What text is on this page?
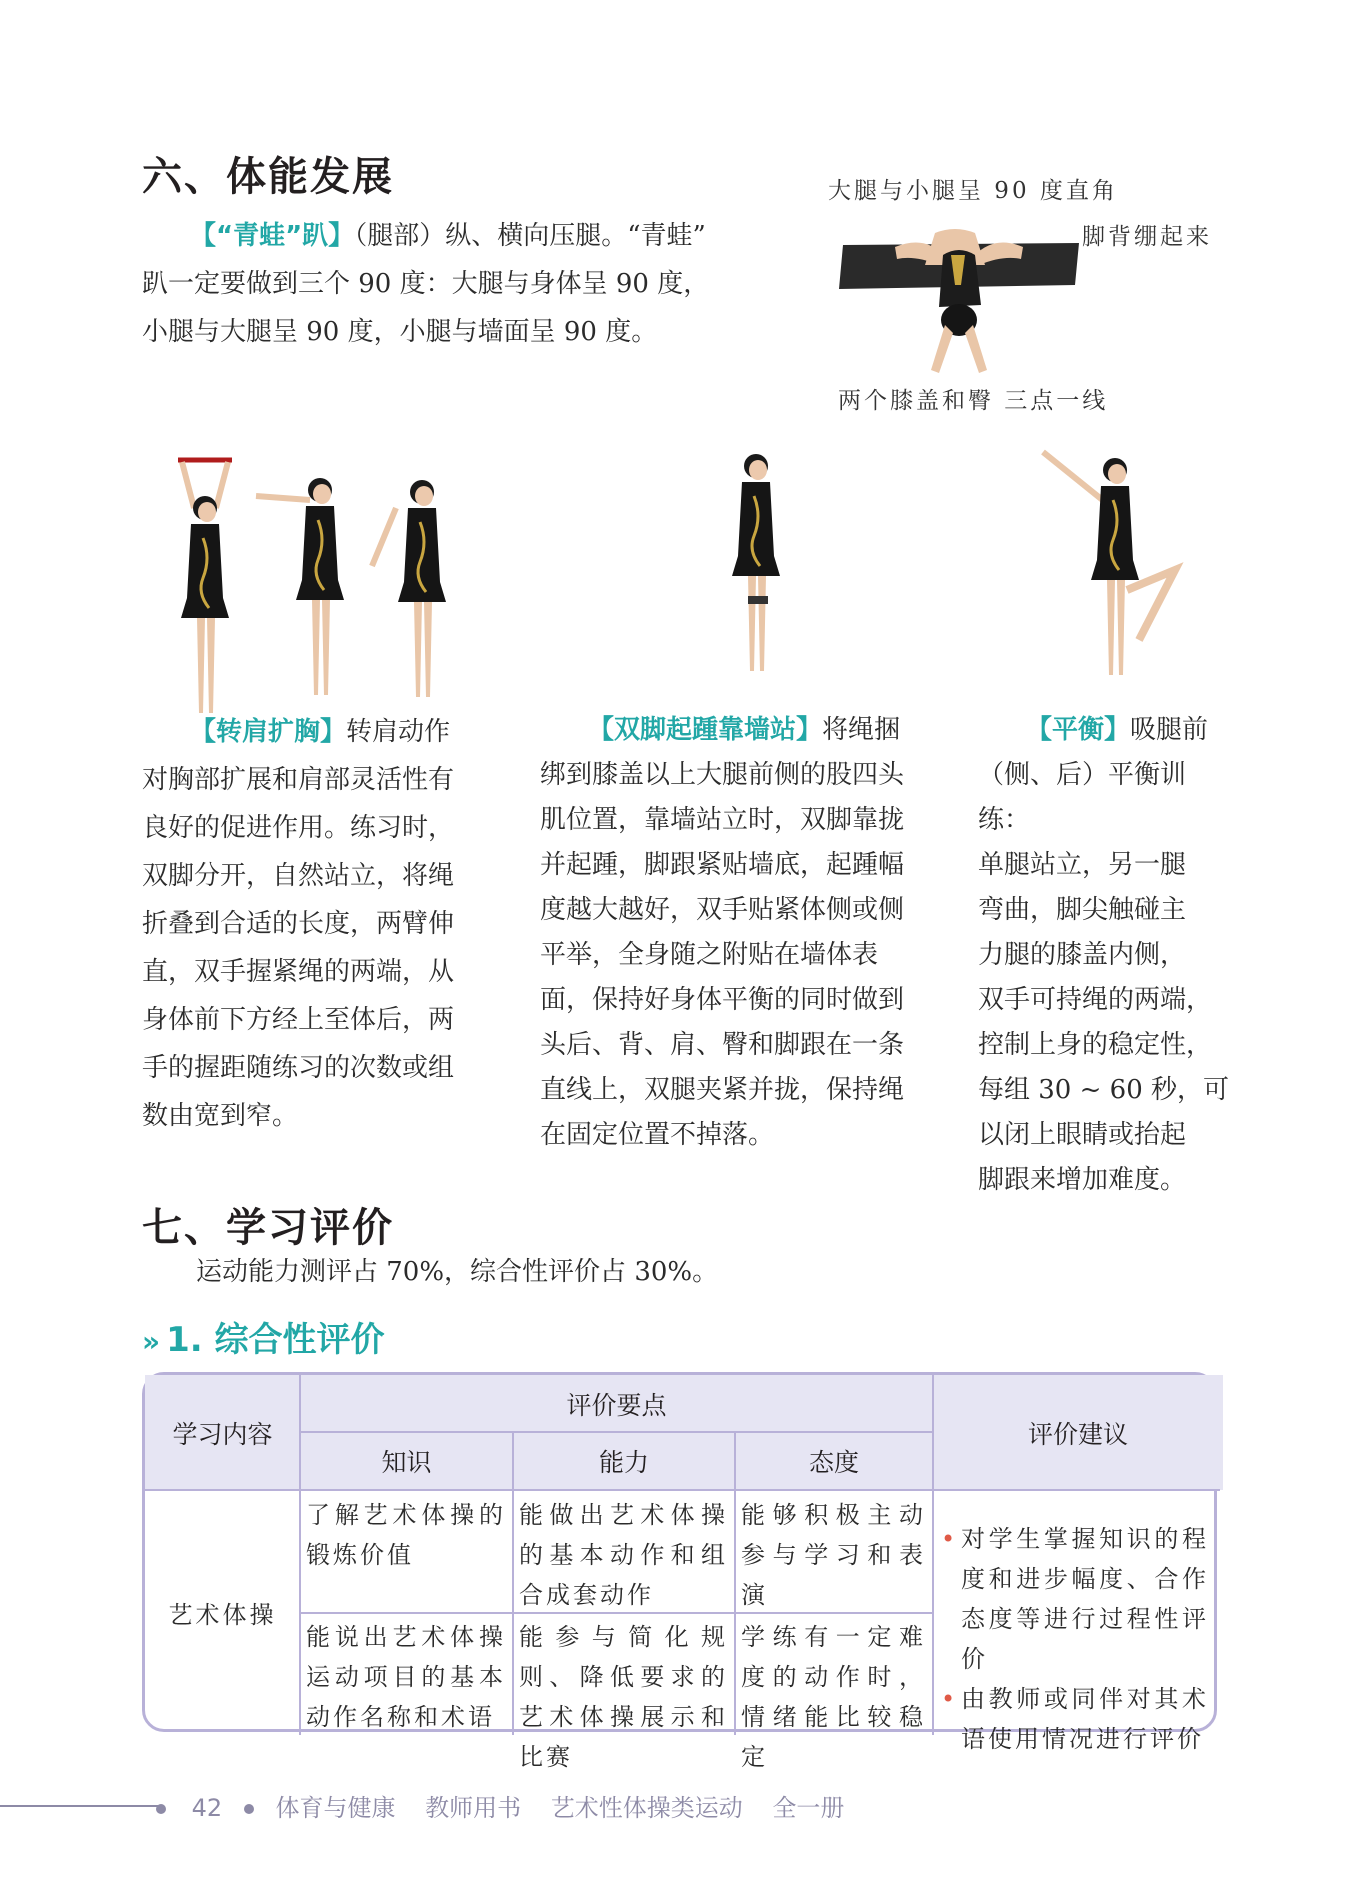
六、体能发展

【“青蛙”趴】（腿部）纵、横向压腿。“青蛙”

趴一定要做到三个 90 度：大腿与身体呈 90 度，

小腿与大腿呈 90 度，小腿与墙面呈 90 度。

大腿与小腿呈 90 度直角
脚背绷起来
两个膝盖和臀 三点一线

【转肩扩胸】转肩动作

对胸部扩展和肩部灵活性有

良好的促进作用。练习时，

双脚分开，自然站立，将绳

折叠到合适的长度，两臂伸

直，双手握紧绳的两端，从

身体前下方经上至体后，两

手的握距随练习的次数或组

数由宽到窄。

【双脚起踵靠墙站】将绳捆

绑到膝盖以上大腿前侧的股四头

肌位置，靠墙站立时，双脚靠拢

并起踵，脚跟紧贴墙底，起踵幅

度越大越好，双手贴紧体侧或侧

平举，全身随之附贴在墙体表

面，保持好身体平衡的同时做到

头后、背、肩、臀和脚跟在一条

直线上，双腿夹紧并拢，保持绳

在固定位置不掉落。

【平衡】吸腿前

（侧、后）平衡训练：

单腿站立，另一腿

弯曲，脚尖触碰主

力腿的膝盖内侧，

双手可持绳的两端，

控制上身的稳定性，

每组 30 ~ 60 秒，可

以闭上眼睛或抬起

脚跟来增加难度。

七、学习评价
运动能力测评占 70%，综合性评价占 30%。
» 1. 综合性评价
学习内容
评价要点
知识	能力	态度
评价建议
艺术体操
了解艺术体操的锻炼价值
能做出艺术体操的基本动作和组合成套动作
能够积极主动参与学习和表演
能说出艺术体操运动项目的基本动作名称和术语
能参与简化规则、降低要求的艺术体操展示和比赛
学练有一定难度的动作时，情绪能比较稳定
• 对学生掌握知识的程度和进步幅度、合作态度等进行过程性评价
• 由教师或同伴对其术语使用情况进行评价
42 体育与健康 教师用书 艺术性体操类运动 全一册
